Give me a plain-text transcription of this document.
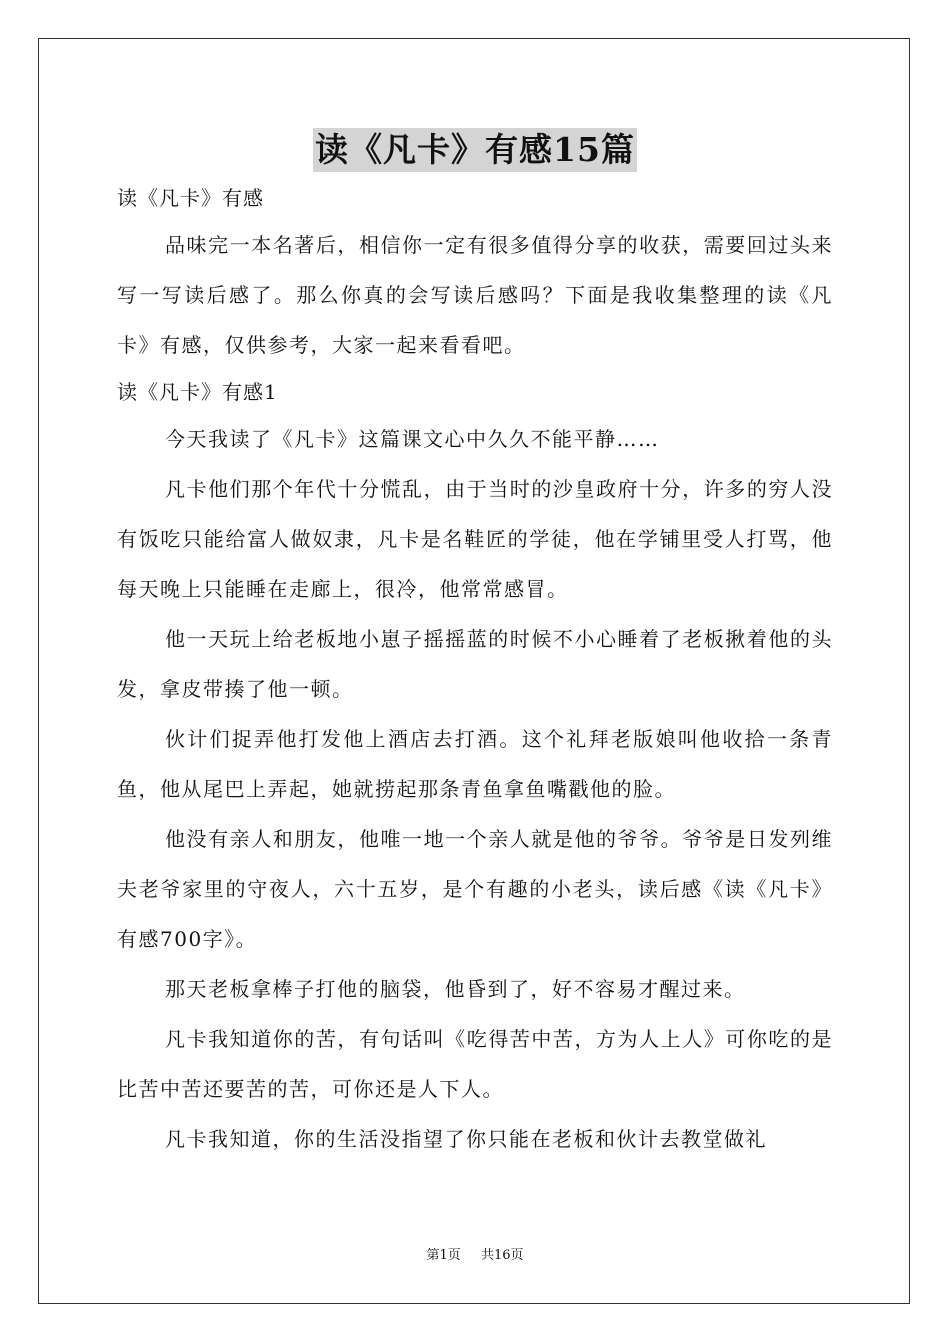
读《凡卡》有感15篇

读《凡卡》有感

品味完一本名著后，相信你一定有很多值得分享的收获，需要回过头来写一写读后感了。那么你真的会写读后感吗？下面是我收集整理的读《凡卡》有感，仅供参考，大家一起来看看吧。

读《凡卡》有感1

今天我读了《凡卡》这篇课文心中久久不能平静……

凡卡他们那个年代十分慌乱，由于当时的沙皇政府十分，许多的穷人没有饭吃只能给富人做奴隶，凡卡是名鞋匠的学徒，他在学铺里受人打骂，他每天晚上只能睡在走廊上，很冷，他常常感冒。

他一天玩上给老板地小崽子摇摇蓝的时候不小心睡着了老板揪着他的头发，拿皮带揍了他一顿。

伙计们捉弄他打发他上酒店去打酒。这个礼拜老版娘叫他收拾一条青鱼，他从尾巴上弄起，她就捞起那条青鱼拿鱼嘴戳他的脸。

他没有亲人和朋友，他唯一地一个亲人就是他的爷爷。爷爷是日发列维夫老爷家里的守夜人，六十五岁，是个有趣的小老头，读后感《读《凡卡》有感700字》。

那天老板拿棒子打他的脑袋，他昏到了，好不容易才醒过来。

凡卡我知道你的苦，有句话叫《吃得苦中苦，方为人上人》可你吃的是比苦中苦还要苦的苦，可你还是人下人。

凡卡我知道，你的生活没指望了你只能在老板和伙计去教堂做礼

第1页 共16页
